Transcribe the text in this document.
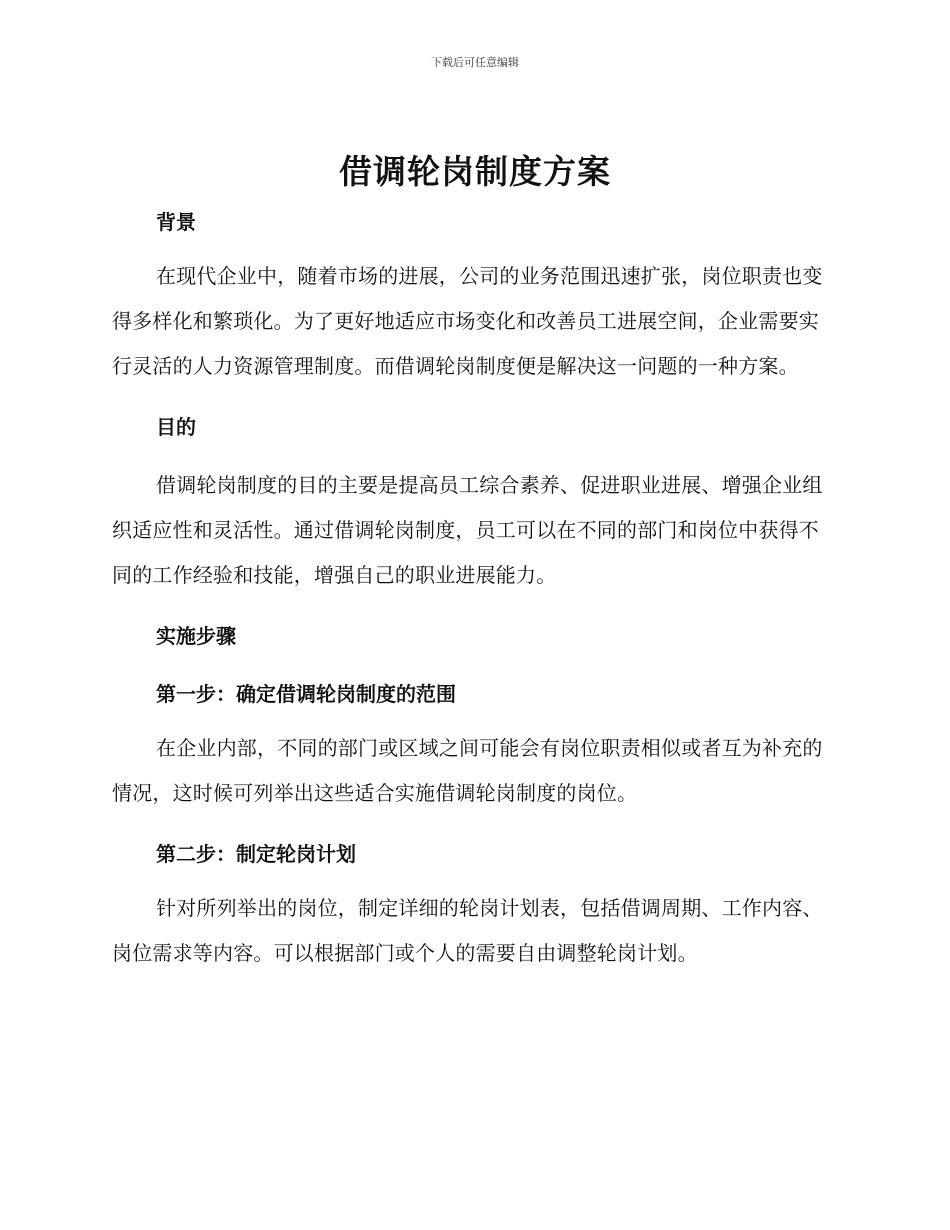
下载后可任意编辑
借调轮岗制度方案
背景

在现代企业中，随着市场的进展，公司的业务范围迅速扩张，岗位职责也变得多样化和繁琐化。为了更好地适应市场变化和改善员工进展空间，企业需要实行灵活的人力资源管理制度。而借调轮岗制度便是解决这一问题的一种方案。

目的

借调轮岗制度的目的主要是提高员工综合素养、促进职业进展、增强企业组织适应性和灵活性。通过借调轮岗制度，员工可以在不同的部门和岗位中获得不同的工作经验和技能，增强自己的职业进展能力。

实施步骤
第一步：确定借调轮岗制度的范围

在企业内部，不同的部门或区域之间可能会有岗位职责相似或者互为补充的情况，这时候可列举出这些适合实施借调轮岗制度的岗位。

第二步：制定轮岗计划

针对所列举出的岗位，制定详细的轮岗计划表，包括借调周期、工作内容、岗位需求等内容。可以根据部门或个人的需要自由调整轮岗计划。
